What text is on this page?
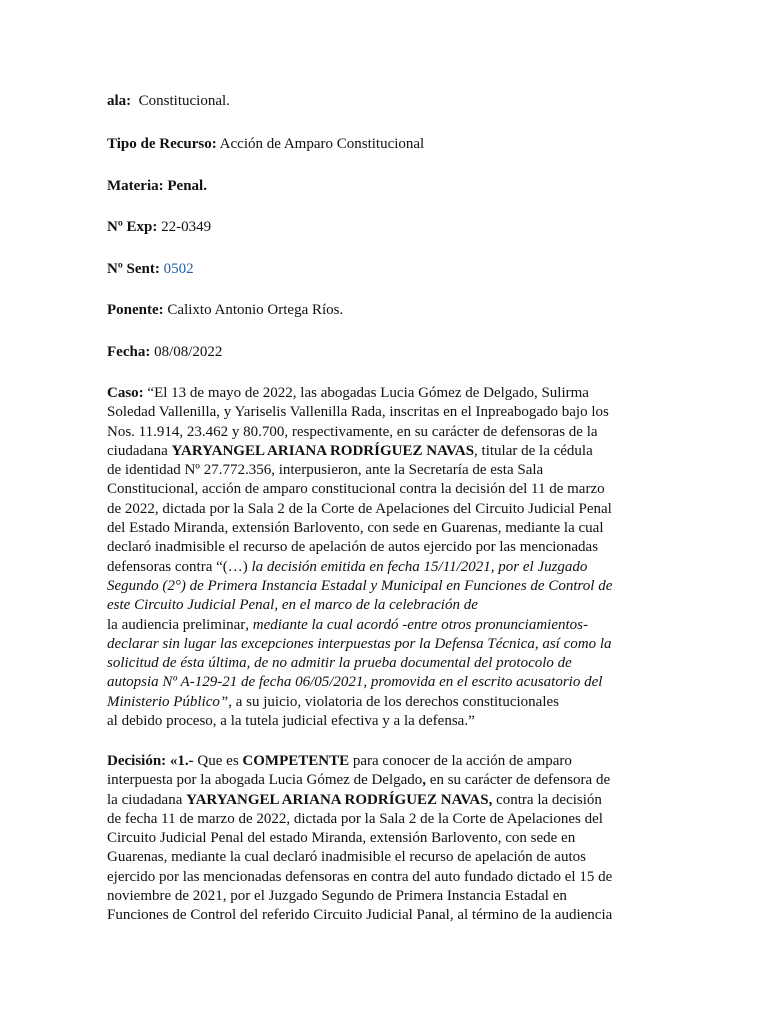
ala: Constitucional.

Tipo de Recurso: Acción de Amparo Constitucional

Materia: Penal.

Nº Exp: 22-0349

Nº Sent: 0502

Ponente: Calixto Antonio Ortega Ríos.

Fecha: 08/08/2022

Caso: “El 13 de mayo de 2022, las abogadas Lucia Gómez de Delgado, Sulirma
Soledad Vallenilla, y Yariselis Vallenilla Rada, inscritas en el Inpreabogado bajo los
Nos. 11.914, 23.462 y 80.700, respectivamente, en su carácter de defensoras de la
ciudadana YARYANGEL ARIANA RODRÍGUEZ NAVAS, titular de la cédula
de identidad Nº 27.772.356, interpusieron, ante la Secretaría de esta Sala
Constitucional, acción de amparo constitucional contra la decisión del 11 de marzo
de 2022, dictada por la Sala 2 de la Corte de Apelaciones del Circuito Judicial Penal
del Estado Miranda, extensión Barlovento, con sede en Guarenas, mediante la cual
declaró inadmisible el recurso de apelación de autos ejercido por las mencionadas
defensoras contra “(…) la decisión emitida en fecha 15/11/2021, por el Juzgado
Segundo (2°) de Primera Instancia Estadal y Municipal en Funciones de Control de
este Circuito Judicial Penal, en el marco de la celebración de
la audiencia preliminar, mediante la cual acordó -entre otros pronunciamientos-
declarar sin lugar las excepciones interpuestas por la Defensa Técnica, así como la
solicitud de ésta última, de no admitir la prueba documental del protocolo de
autopsia Nº A-129-21 de fecha 06/05/2021, promovida en el escrito acusatorio del
Ministerio Público”, a su juicio, violatoria de los derechos constitucionales
al debido proceso, a la tutela judicial efectiva y a la defensa.”
Decisión: «1.- Que es COMPETENTE para conocer de la acción de amparo
interpuesta por la abogada Lucia Gómez de Delgado, en su carácter de defensora de
la ciudadana YARYANGEL ARIANA RODRÍGUEZ NAVAS, contra la decisión
de fecha 11 de marzo de 2022, dictada por la Sala 2 de la Corte de Apelaciones del
Circuito Judicial Penal del estado Miranda, extensión Barlovento, con sede en
Guarenas, mediante la cual declaró inadmisible el recurso de apelación de autos
ejercido por las mencionadas defensoras en contra del auto fundado dictado el 15 de
noviembre de 2021, por el Juzgado Segundo de Primera Instancia Estadal en
Funciones de Control del referido Circuito Judicial Panal, al término de la audiencia
